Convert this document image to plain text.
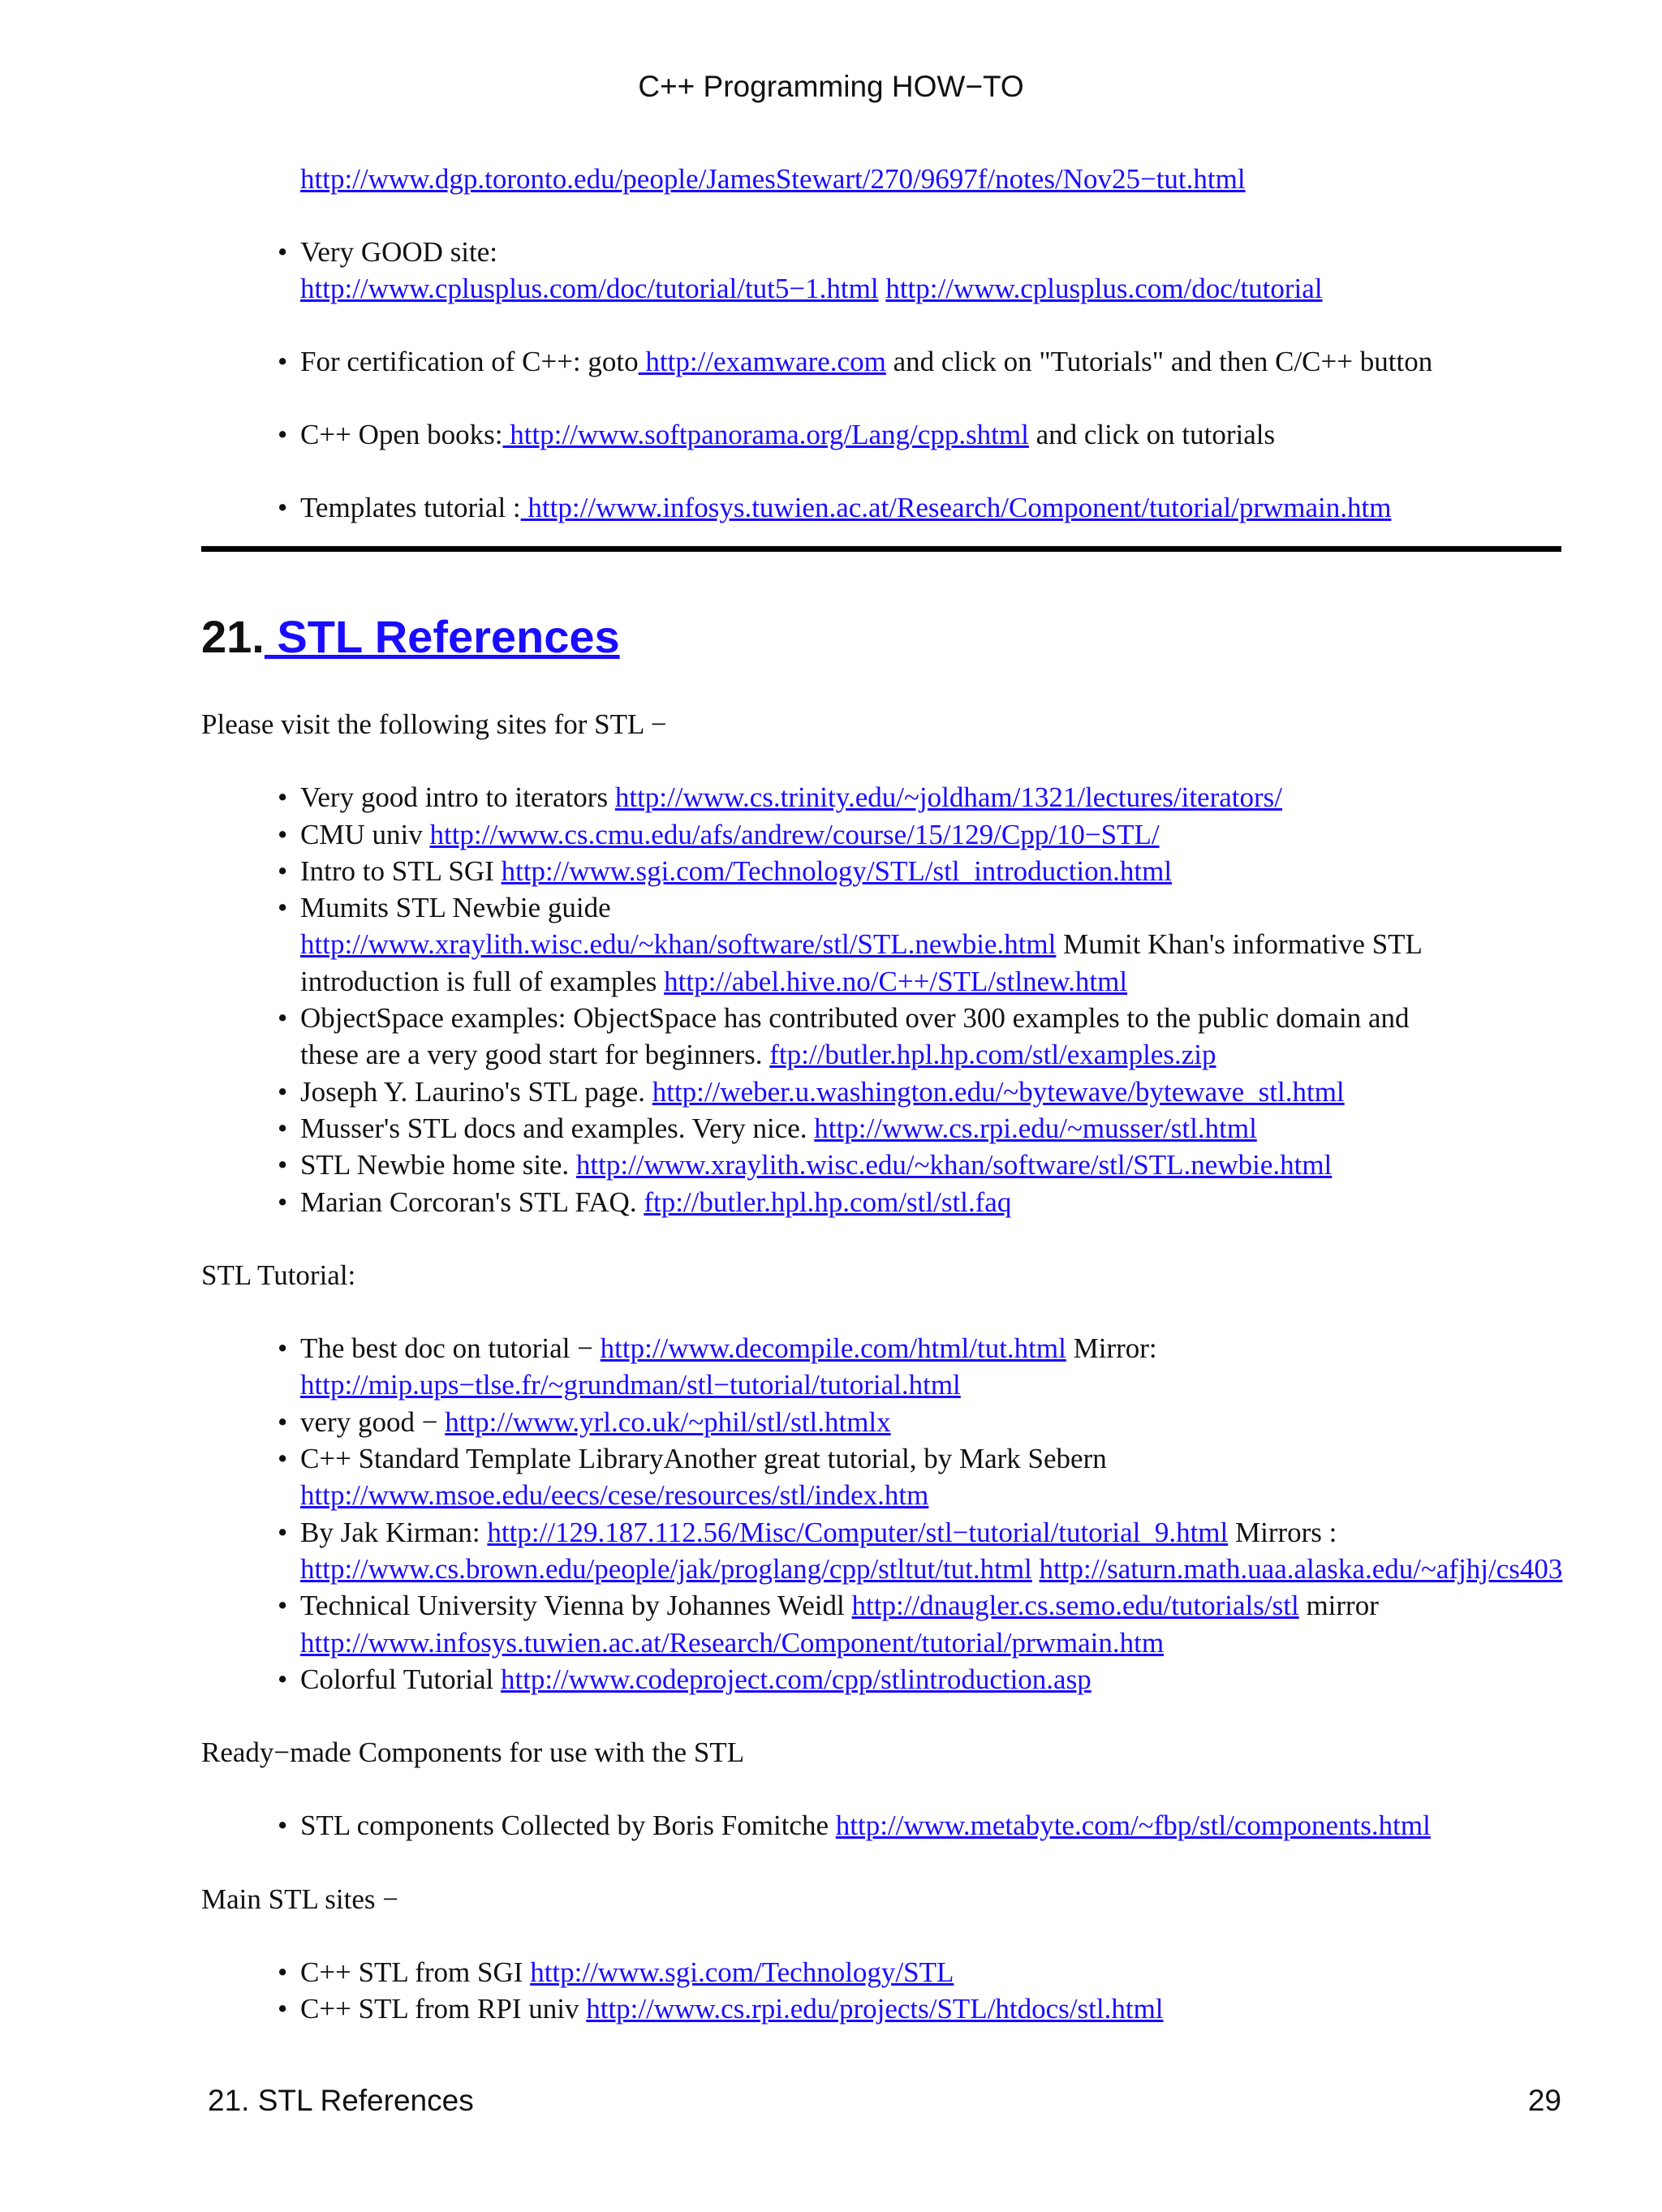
C++ Programming HOW−TO
http://www.dgp.toronto.edu/people/JamesStewart/270/9697f/notes/Nov25−tut.html
• Very GOOD site:
http://www.cplusplus.com/doc/tutorial/tut5−1.html http://www.cplusplus.com/doc/tutorial
• For certification of C++: goto http://examware.com and click on "Tutorials" and then C/C++ button
• C++ Open books: http://www.softpanorama.org/Lang/cpp.shtml and click on tutorials
• Templates tutorial : http://www.infosys.tuwien.ac.at/Research/Component/tutorial/prwmain.htm
21. STL References
Please visit the following sites for STL −
• Very good intro to iterators http://www.cs.trinity.edu/~joldham/1321/lectures/iterators/
• CMU univ http://www.cs.cmu.edu/afs/andrew/course/15/129/Cpp/10−STL/
• Intro to STL SGI http://www.sgi.com/Technology/STL/stl_introduction.html
• Mumits STL Newbie guide
http://www.xraylith.wisc.edu/~khan/software/stl/STL.newbie.html Mumit Khan's informative STL
introduction is full of examples http://abel.hive.no/C++/STL/stlnew.html
• ObjectSpace examples: ObjectSpace has contributed over 300 examples to the public domain and
these are a very good start for beginners. ftp://butler.hpl.hp.com/stl/examples.zip
• Joseph Y. Laurino's STL page. http://weber.u.washington.edu/~bytewave/bytewave_stl.html
• Musser's STL docs and examples. Very nice. http://www.cs.rpi.edu/~musser/stl.html
• STL Newbie home site. http://www.xraylith.wisc.edu/~khan/software/stl/STL.newbie.html
• Marian Corcoran's STL FAQ. ftp://butler.hpl.hp.com/stl/stl.faq
STL Tutorial:
• The best doc on tutorial − http://www.decompile.com/html/tut.html Mirror:
http://mip.ups−tlse.fr/~grundman/stl−tutorial/tutorial.html
• very good − http://www.yrl.co.uk/~phil/stl/stl.htmlx
• C++ Standard Template LibraryAnother great tutorial, by Mark Sebern
http://www.msoe.edu/eecs/cese/resources/stl/index.htm
• By Jak Kirman: http://129.187.112.56/Misc/Computer/stl−tutorial/tutorial_9.html Mirrors :
http://www.cs.brown.edu/people/jak/proglang/cpp/stltut/tut.html http://saturn.math.uaa.alaska.edu/~afjhj/cs403
• Technical University Vienna by Johannes Weidl http://dnaugler.cs.semo.edu/tutorials/stl mirror
http://www.infosys.tuwien.ac.at/Research/Component/tutorial/prwmain.htm
• Colorful Tutorial http://www.codeproject.com/cpp/stlintroduction.asp
Ready−made Components for use with the STL
• STL components Collected by Boris Fomitche http://www.metabyte.com/~fbp/stl/components.html
Main STL sites −
• C++ STL from SGI http://www.sgi.com/Technology/STL
• C++ STL from RPI univ http://www.cs.rpi.edu/projects/STL/htdocs/stl.html
21. STL References	29
